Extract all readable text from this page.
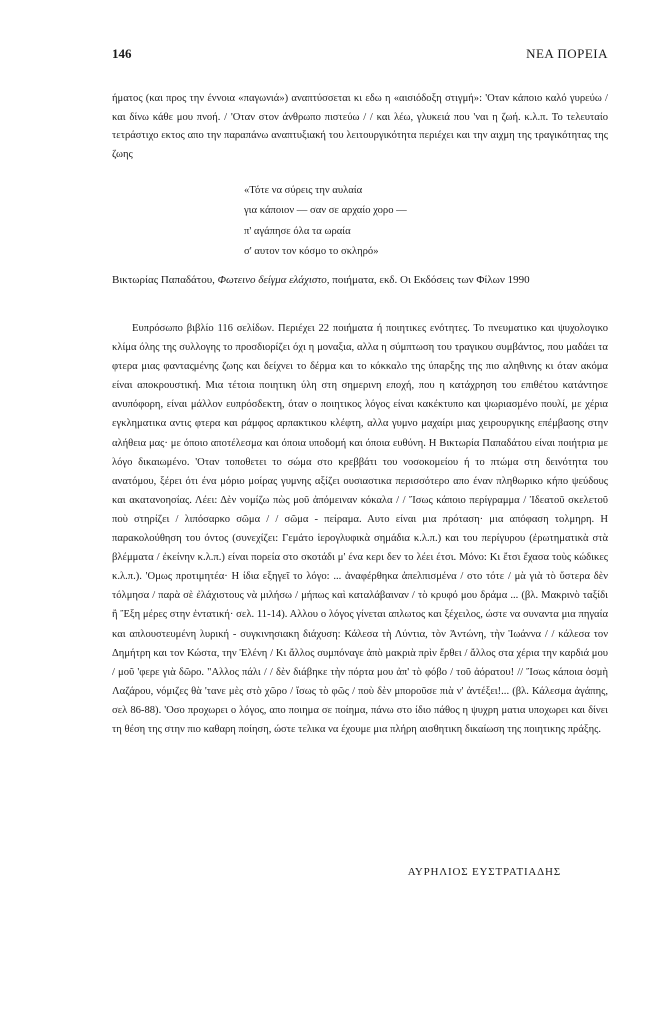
146	ΝΕΑ ΠΟΡΕΙΑ

ήματος (και προς την έννοια «παγωνιά») αναπτύσσεται κι εδω η «αισιόδοξη στιγμή»: 'Οταν κάποιο καλό γυρεύω / και δίνω κάθε μου πνοή. / 'Οταν στον άνθρωπο πιστεύω / / και λέω, γλυκειά που 'ναι η ζωή. κ.λ.π. Το τελευταίο τετράστιχο εκτος απο την παραπάνω αναπτυξιακή του λειτουργικότητα περιέχει και την αιχμη της τραγικότητας της ζωης

«Τότε να σύρεις την αυλαία
για κάποιον — σαν σε αρχαίο χορο —
π' αγάπησε όλα τα ωραία
σ' αυτον τον κόσμο το σκληρό»

Βικτωρίας Παπαδάτου, Φωτεινο δείγμα ελάχιστο, ποιήματα, εκδ. Οι Εκδόσεις των Φίλων 1990

Ευπρόσωπο βιβλίο 116 σελίδων. Περιέχει 22 ποιήματα ή ποιητικες ενότητες. Το πνευματικο και ψυχολογικο κλίμα όλης της συλλογης το προσδιορίζει όχι η μοναξια, αλλα η σύμπτωση του τραγικου συμβάντος, που μαδάει τα φτερα μιας φανταςμένης ζωης και δείχνει το δέρμα και το κόκκαλο της ύπαρξης της πιο αληθινης κι όταν ακόμα είναι αποκρουστική. Μια τέτοια ποιητικη ύλη στη σημερινη εποχή, που η κατάχρηση του επιθέτου κατάντησε ανυπόφορη, είναι μάλλον ευπρόσδεκτη, όταν ο ποιητικος λόγος είναι κακέκτυπο και ψωριασμένο πουλί, με χέρια εγκληματικα αντις φτερα και ράμφος αρπακτικου κλέφτη, αλλα γυμνο μαχαίρι μιας χειρουργικης επέμβασης στην αλήθεια μας· με όποιο αποτέλεσμα και όποια υποδομή και όποια ευθύνη. Η Βικτωρία Παπαδάτου είναι ποιήτρια με λόγο δικαιωμένο. 'Οταν τοποθετει το σώμα στο κρεββάτι του νοσοκομείου ή το πτώμα στη δεινότητα του ανατόμου, ξέρει ότι ένα μόριο μοίρας γυμνης αξίζει ουσιαστικα περισσότερο απο έναν πληθωρικο κήπο ψεύδους και ακατανοησίας. Λέει: Δὲν νομίζω πὼς μοῦ ἀπόμειναν κόκαλα / / Ἴσως κάποιο περίγραμμα / Ἰδεατοῦ σκελετοῦ ποὺ στηρίζει / λιπόσαρκο σῶμα / / σῶμα - πείραμα. Αυτο είναι μια πρόταση· μια απόφαση τολμηρη. Η παρακολούθηση του όντος (συνεχίζει: Γεμάτο ἱερογλυφικὰ σημάδια κ.λ.π.) και του περίγυρου (ἐρωτηματικὰ στὰ βλέμματα / ἐκείνην κ.λ.π.) είναι πορεία στο σκοτάδι μ' ένα κερι δεν το λέει έτσι. Μόνο: Κι ἔτσι ἔχασα τοὺς κώδικες κ.λ.π.). 'Ομως προτιμητέα· Η ίδια εξηγεῖ το λόγο: ... ἀναφέρθηκα ἀπελπισμένα / στο τότε / μὰ γιὰ τὸ ὕστερα δὲν τόλμησα / παρὰ σὲ ἐλάχιστους νὰ μιλήσω / μήπως καὶ καταλάβαιναν / τὸ κρυφό μου δράμα ... (βλ. Μακρινὸ ταξίδι ἢ Ἔξη μέρες στην ἐντατική· σελ. 11-14). Αλλου ο λόγος γίνεται απλωτος και ξέχειλος, ώστε να συναντα μια πηγαία και απλουστευμένη λυρική - συγκινησιακη διάχυση: Κάλεσα τὴ Λύντια, τὸν Ἀντώνη, τὴν Ἰωάννα / / κάλεσα τον Δημήτρη και τον Κώστα, την Ἑλένη / Κι ἄλλος συμπόναγε ἀπὸ μακριὰ πρὶν ἔρθει / ἄλλος στα χέρια την καρδιά μου / μοῦ 'φερε γιὰ δῶρο. "Αλλος πάλι / / δὲν διάβηκε τὴν πόρτα μου ἀπ' τὸ φόβο / τοῦ ἀόρατου! // Ἴσως κάποια ὀσμὴ Λαζάρου, νόμιζες θὰ 'τανε μὲς στὸ χῶρο / ἴσως τὸ φῶς / ποὺ δὲν μποροῦσε πιὰ ν' ἀντέξει!... (βλ. Κάλεσμα ἀγάπης, σελ 86-88). 'Οσο προχωρει ο λόγος, απο ποιημα σε ποίημα, πάνω στο ίδιο πάθος η ψυχρη ματια υποχωρει και δίνει τη θέση της στην πιο καθαρη ποίηση, ώστε τελικα να έχουμε μια πλήρη αισθητικη δικαίωση της ποιητικης πράξης.

ΑΥΡΗΛΙΟΣ ΕΥΣΤΡΑΤΙΑΔΗΣ
